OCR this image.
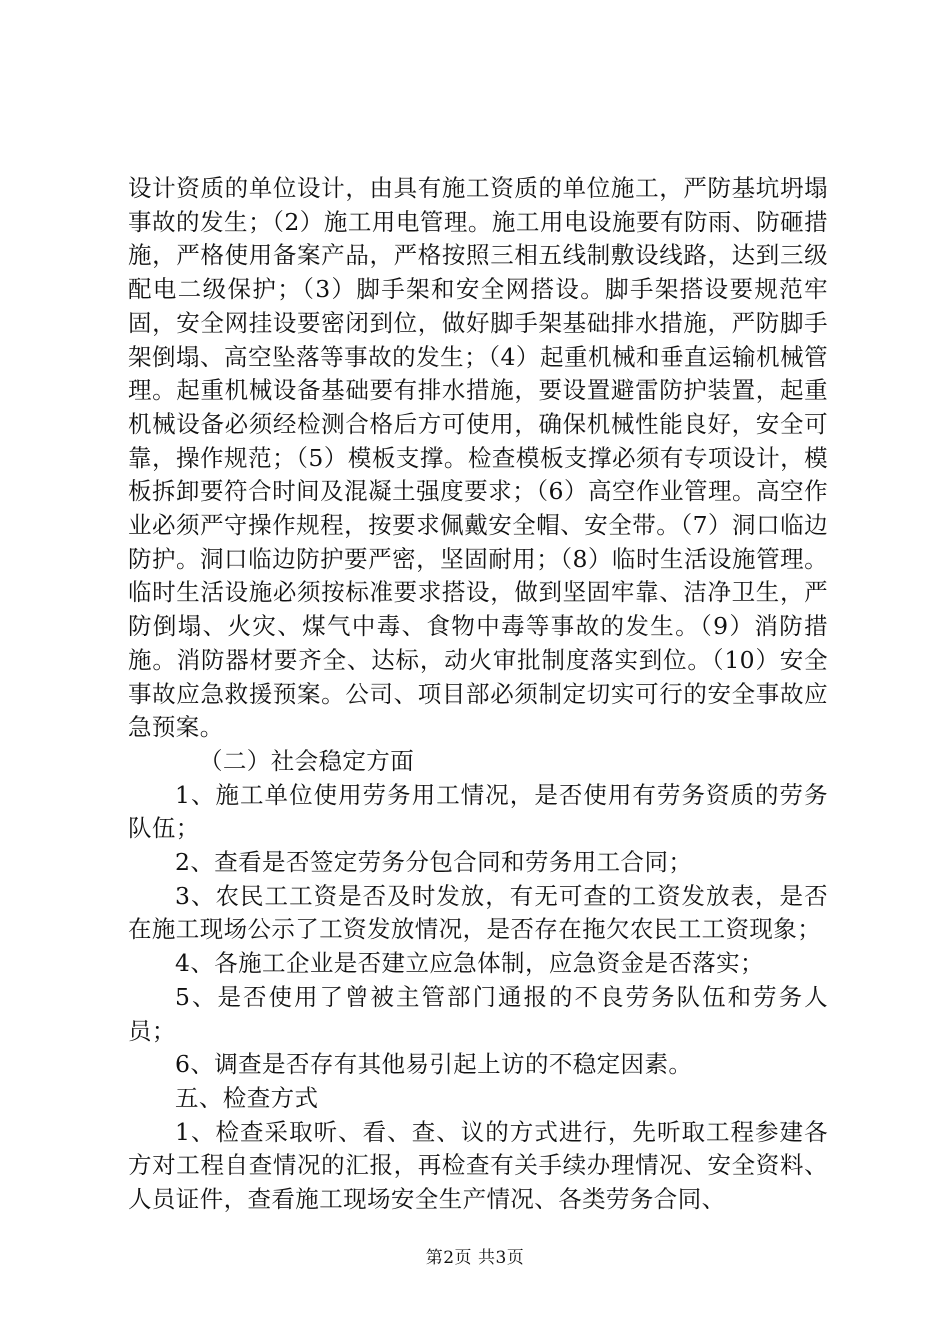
设计资质的单位设计，由具有施工资质的单位施工，严防基坑坍塌事故的发生；（2）施工用电管理。施工用电设施要有防雨、防砸措施，严格使用备案产品，严格按照三相五线制敷设线路，达到三级配电二级保护；（3）脚手架和安全网搭设。脚手架搭设要规范牢固，安全网挂设要密闭到位，做好脚手架基础排水措施，严防脚手架倒塌、高空坠落等事故的发生；（4）起重机械和垂直运输机械管理。起重机械设备基础要有排水措施，要设置避雷防护装置，起重机械设备必须经检测合格后方可使用，确保机械性能良好，安全可靠，操作规范；（5）模板支撑。检查模板支撑必须有专项设计，模板拆卸要符合时间及混凝土强度要求；（6）高空作业管理。高空作业必须严守操作规程，按要求佩戴安全帽、安全带。（7）洞口临边防护。洞口临边防护要严密，坚固耐用；（8）临时生活设施管理。临时生活设施必须按标准要求搭设，做到坚固牢靠、洁净卫生，严防倒塌、火灾、煤气中毒、食物中毒等事故的发生。（9）消防措施。消防器材要齐全、达标，动火审批制度落实到位。（10）安全事故应急救援预案。公司、项目部必须制定切实可行的安全事故应急预案。

（二）社会稳定方面

1、施工单位使用劳务用工情况，是否使用有劳务资质的劳务队伍；

2、查看是否签定劳务分包合同和劳务用工合同；

3、农民工工资是否及时发放，有无可查的工资发放表，是否在施工现场公示了工资发放情况，是否存在拖欠农民工工资现象；

4、各施工企业是否建立应急体制，应急资金是否落实；

5、是否使用了曾被主管部门通报的不良劳务队伍和劳务人员；

6、调查是否存有其他易引起上访的不稳定因素。

五、检查方式

1、检查采取听、看、查、议的方式进行，先听取工程参建各方对工程自查情况的汇报，再检查有关手续办理情况、安全资料、人员证件，查看施工现场安全生产情况、各类劳务合同、

第2页 共3页
